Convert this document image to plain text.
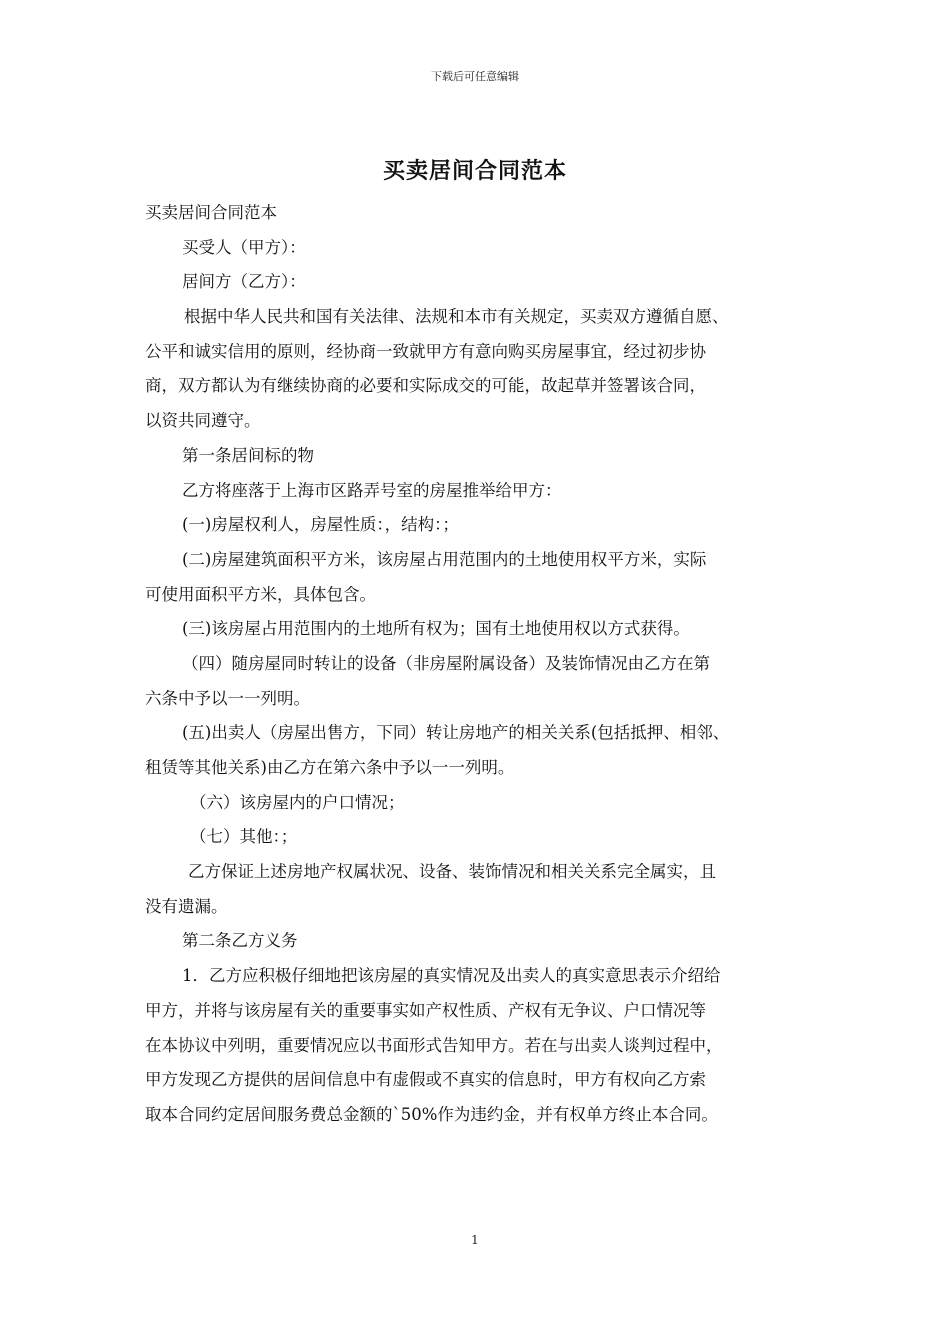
下载后可任意编辑
买卖居间合同范本
买卖居间合同范本
买受人（甲方）：
居间方（乙方）：
根据中华人民共和国有关法律、法规和本市有关规定，买卖双方遵循自愿、
公平和诚实信用的原则，经协商一致就甲方有意向购买房屋事宜，经过初步协
商，双方都认为有继续协商的必要和实际成交的可能，故起草并签署该合同，
以资共同遵守。
第一条居间标的物
乙方将座落于上海市区路弄号室的房屋推举给甲方：
(一)房屋权利人，房屋性质：，结构：；
(二)房屋建筑面积平方米，该房屋占用范围内的土地使用权平方米，实际
可使用面积平方米，具体包含。
(三)该房屋占用范围内的土地所有权为；国有土地使用权以方式获得。
（四）随房屋同时转让的设备（非房屋附属设备）及装饰情况由乙方在第
六条中予以一一列明。
(五)出卖人（房屋出售方，下同）转让房地产的相关关系(包括抵押、相邻、
租赁等其他关系)由乙方在第六条中予以一一列明。
（六）该房屋内的户口情况；
（七）其他：；
乙方保证上述房地产权属状况、设备、装饰情况和相关关系完全属实，且
没有遗漏。
第二条乙方义务
1．乙方应积极仔细地把该房屋的真实情况及出卖人的真实意思表示介绍给
甲方，并将与该房屋有关的重要事实如产权性质、产权有无争议、户口情况等
在本协议中列明，重要情况应以书面形式告知甲方。若在与出卖人谈判过程中，
甲方发现乙方提供的居间信息中有虚假或不真实的信息时，甲方有权向乙方索
取本合同约定居间服务费总金额的`50%作为违约金，并有权单方终止本合同。
1
